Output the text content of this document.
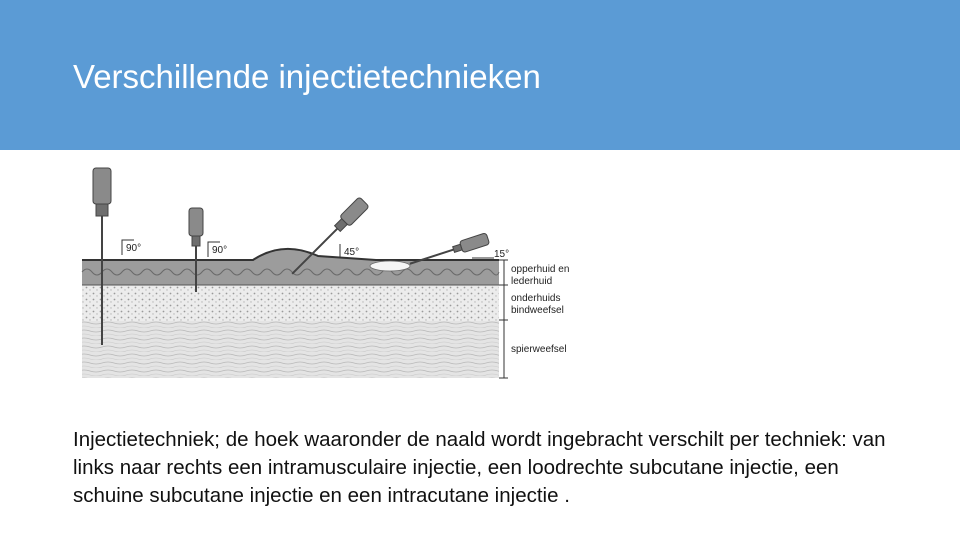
Verschillende injectietechnieken
90°	90°	45°	15°
opperhuid en
lederhuid
onderhuids
bindweefsel
spierweefsel
Injectietechniek; de hoek waaronder de naald wordt ingebracht verschilt per techniek: van links naar rechts een intramusculaire injectie, een loodrechte subcutane injectie, een schuine subcutane injectie en een intracutane injectie .
